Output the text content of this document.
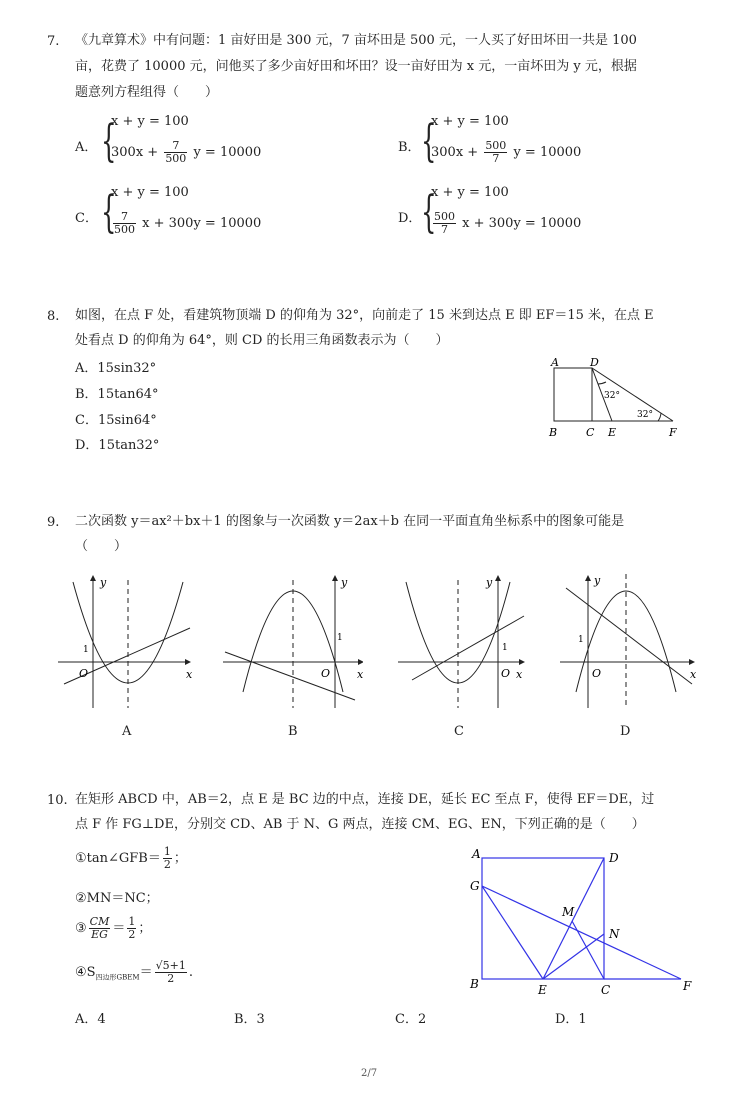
7. 《九章算术》中有问题：1 亩好田是 300 元，7 亩坏田是 500 元，一人买了好田坏田一共是 100
亩，花费了 10000 元，问他买了多少亩好田和坏田？设一亩好田为 x 元，一亩坏田为 y 元，根据
题意列方程组得（　　）
A． {
x + y = 100
$300x + \frac{7}{500}$ y = 10000	B． {
x + y = 100
$300x + \frac{500}{7}$ y = 10000
C． {
x + y = 100
$\frac{7}{500}$ x + 300y = 10000	D． {
x + y = 100
$\frac{500}{7}$ x + 300y = 10000
8. 如图，在点 F 处，看建筑物顶端 D 的仰角为 32°，向前走了 15 米到达点 E 即 EF＝15 米，在点 E
处看点 D 的仰角为 64°，则 CD 的长用三角函数表示为（　　）
A．15sin32°
B．15tan64°
C．15sin64°
D．15tan32°
A	D
B	C E	F
32°
32°
9. 二次函数 y＝ax²＋bx＋1 的图象与一次函数 y＝2ax＋b 在同一平面直角坐标系中的图象可能是
（　　）
y
x
O
1
A
y
x
O
1
B
y
x
O
1
C
y
x
O
1
D
10. 在矩形 ABCD 中，AB＝2，点 E 是 BC 边的中点，连接 DE，延长 EC 至点 F，使得 EF＝DE，过
点 F 作 FG⊥DE，分别交 CD、AB 于 N、G 两点，连接 CM、EG、EN，下列正确的是（　　）
①tan∠GFB＝ $\frac{1}{2}$ ；
②MN＝NC；
③ $\frac{CM}{EG} = \frac{1}{2}$ ；
$④S_{四边形GBEM}= \frac{√5+1}{2}$ .
A．4	B．3	C．2	D．1
A	D
G
M
N
B	E	C	F
2/7
